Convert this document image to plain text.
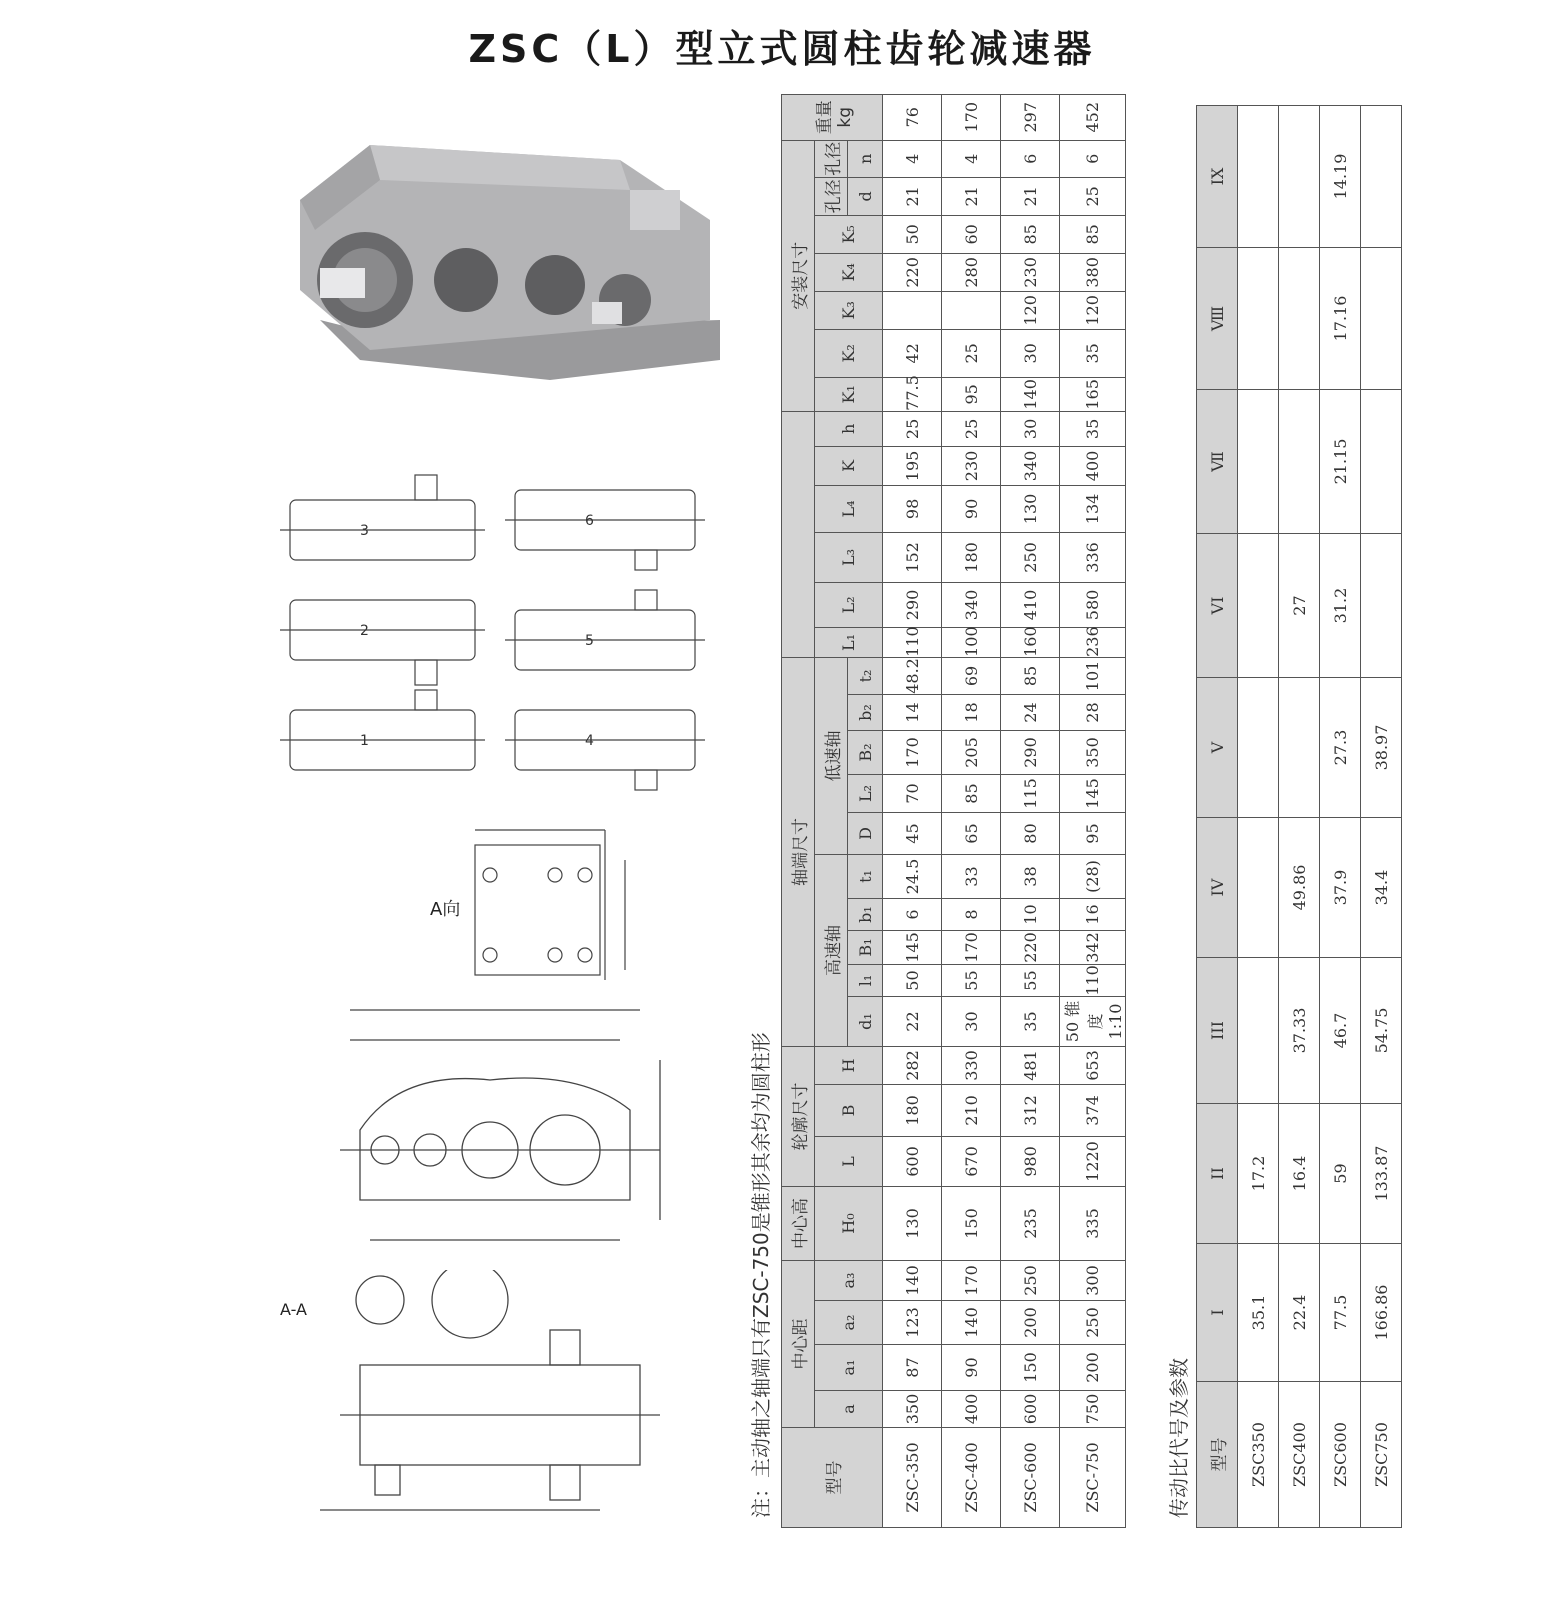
ZSC（L）型立式圆柱齿轮减速器
3
2
1
6
5
4
A向
A-A
型号	中心距				中心高	轮廓尺寸			轴端尺寸																安装尺寸							重量kg
	a	a₁	a₂	a₃	H₀	L	B	H	高速轴					低速轴					L₁	L₂	L₃	L₄	K	h	K₁	K₂	K₃	K₄	K₅	孔径	孔径	
									d₁	l₁	B₁	b₁	t₁	D	L₂	B₂	b₂	t₂												d	n	
ZSC-350	350	87	123	140	130	600	180	282	22	50	145	6	24.5	45	70	170	14	48.2	110	290	152	98	195	25	77.5	42		220	50	21	4	76
ZSC-400	400	90	140	170	150	670	210	330	30	55	170	8	33	65	85	205	18	69	100	340	180	90	230	25	95	25		280	60	21	4	170
ZSC-600	600	150	200	250	235	980	312	481	35	55	220	10	38	80	115	290	24	85	160	410	250	130	340	30	140	30	120	230	85	21	6	297
ZSC-750	750	200	250	300	335	1220	374	653	50 锥度 1:10	110	342	16	(28)	95	145	350	28	101	236	580	336	134	400	35	165	35	120	380	85	25	6	452
注：主动轴之轴端只有ZSC-750是锥形其余均为圆柱形	传动比代号及参数 型号	I	II	III	IV	V	VI	Ⅶ	Ⅷ	IX
ZSC350	35.1	17.2							
ZSC400	22.4	16.4	37.33	49.86		27			
ZSC600	77.5	59	46.7	37.9	27.3	31.2	21.15	17.16	14.19
ZSC750	166.86	133.87	54.75	34.4	38.97				
